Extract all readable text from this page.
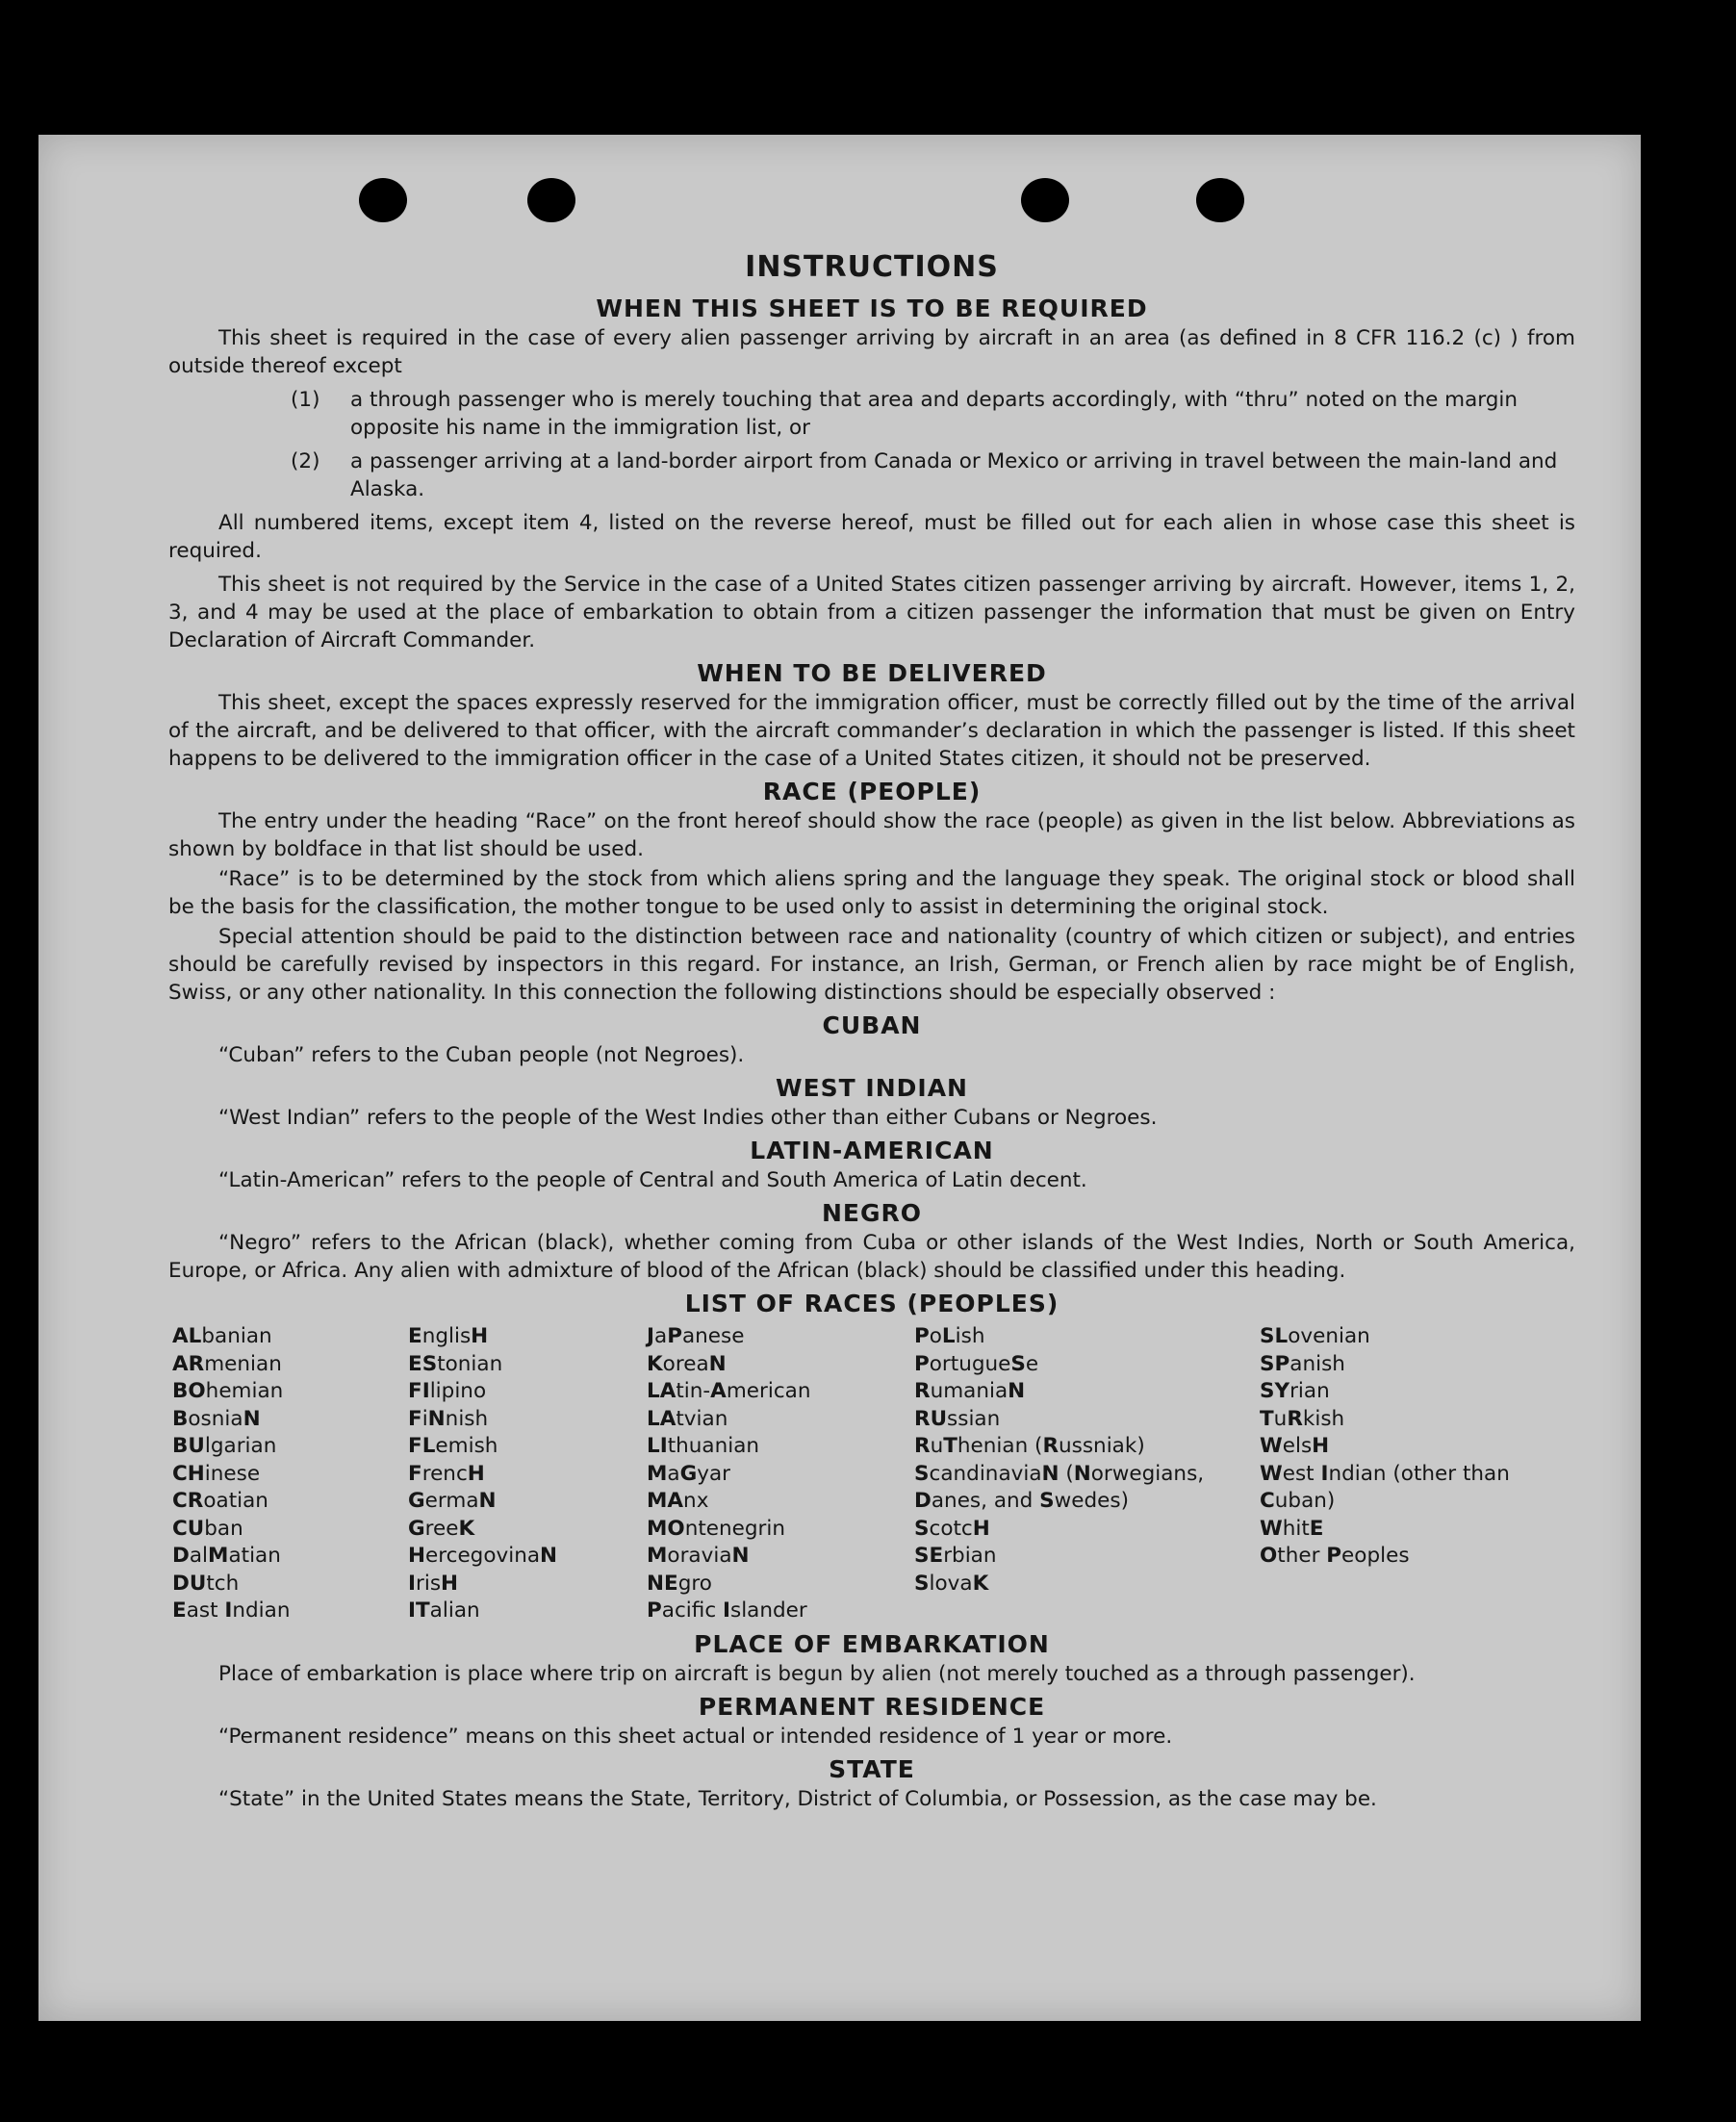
INSTRUCTIONS
WHEN THIS SHEET IS TO BE REQUIRED

This sheet is required in the case of every alien passenger arriving by aircraft in an area (as defined in 8 CFR 116.2 (c) ) from outside thereof except

(1)	a through passenger who is merely touching that area and departs accordingly, with “thru” noted on the margin opposite his name in the immigration list, or
(2)	a passenger arriving at a land-border airport from Canada or Mexico or arriving in travel between the main-land and Alaska.

All numbered items, except item 4, listed on the reverse hereof, must be filled out for each alien in whose case this sheet is required.

This sheet is not required by the Service in the case of a United States citizen passenger arriving by aircraft. However, items 1, 2, 3, and 4 may be used at the place of embarkation to obtain from a citizen passenger the information that must be given on Entry Declaration of Aircraft Commander.

WHEN TO BE DELIVERED

This sheet, except the spaces expressly reserved for the immigration officer, must be correctly filled out by the time of the arrival of the aircraft, and be delivered to that officer, with the aircraft commander’s declaration in which the passenger is listed. If this sheet happens to be delivered to the immigration officer in the case of a United States citizen, it should not be preserved.

RACE (PEOPLE)

The entry under the heading “Race” on the front hereof should show the race (people) as given in the list below. Abbreviations as shown by boldface in that list should be used.

“Race” is to be determined by the stock from which aliens spring and the language they speak. The original stock or blood shall be the basis for the classification, the mother tongue to be used only to assist in determining the original stock.

Special attention should be paid to the distinction between race and nationality (country of which citizen or subject), and entries should be carefully revised by inspectors in this regard. For instance, an Irish, German, or French alien by race might be of English, Swiss, or any other nationality. In this connection the following distinctions should be especially observed :

CUBAN
“Cuban” refers to the Cuban people (not Negroes).
WEST INDIAN
“West Indian” refers to the people of the West Indies other than either Cubans or Negroes.
LATIN-AMERICAN
“Latin-American” refers to the people of Central and South America of Latin decent.
NEGRO

“Negro” refers to the African (black), whether coming from Cuba or other islands of the West Indies, North or South America, Europe, or Africa. Any alien with admixture of blood of the African (black) should be classified under this heading.

LIST OF RACES (PEOPLES)
ALbanian
ARmenian
BOhemian
BosniaN
BUlgarian
CHinese
CRoatian
CUban
DalMatian
DUtch
East Indian
EnglisH
EStonian
FIlipino
FiNnish
FLemish
FrencH
GermaN
GreeK
HercegovinaN
IrisH
ITalian
JaPanese
KoreaN
LAtin-American
LAtvian
LIthuanian
MaGyar
MAnx
MOntenegrin
MoraviaN
NEgro
Pacifc Islander
PoLish
PortugueSe
RumaniaN
RUssian
RuThenian (Russniak)
ScandinaviaN (Norwegians, Danes, and Swedes)
ScotcH
SErbian
SlovaK
SLovenian
SPanish
SYrian
TuRkish
WelsH
West Indian (other than Cuban)
WhitE
Other Peoples
PLACE OF EMBARKATION
Place of embarkation is place where trip on aircraft is begun by alien (not merely touched as a through passenger).
PERMANENT RESIDENCE
“Permanent residence” means on this sheet actual or intended residence of 1 year or more.
STATE
“State” in the United States means the State, Territory, District of Columbia, or Possession, as the case may be.
